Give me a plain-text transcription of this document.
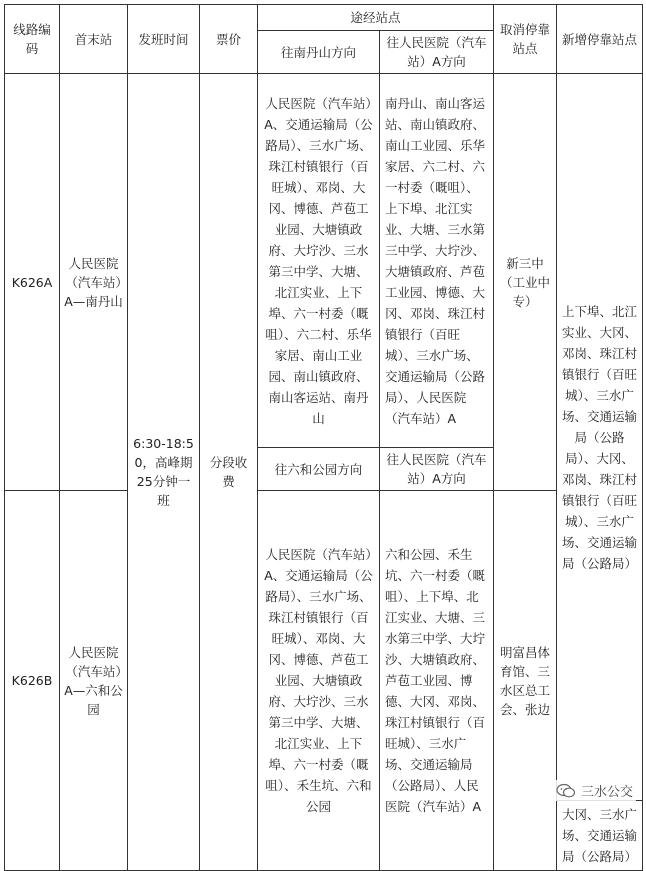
线路编码	首末站	发班时间	票价	途经站点		取消停靠站点	新增停靠站点
				往南丹山方向	往人民医院（汽车站）A方向		
K626A	人民医院（汽车站）A—南丹山	6:30-18:50，高峰期25分钟一班	分段收费	人民医院（汽车站）A、交通运输局（公路局）、三水广场、珠江村镇银行（百旺城）、邓岗、大冈、博德、芦苞工业园、大塘镇政府、大坾沙、三水第三中学、大塘、北江实业、上下埠、六一村委（嘅咀）、六二村、乐华家居、南山工业园、南山镇政府、南山客运站、南丹山	南丹山、南山客运站、南山镇政府、南山工业园、乐华家居、六二村、六一村委（嘅咀）、上下埠、北江实业、大塘、三水第三中学、大坾沙、大塘镇政府、芦苞工业园、博德、大冈、邓岗、珠江村镇银行（百旺城）、三水广场、交通运输局（公路局）、人民医院（汽车站）A	新三中（工业中专）	上下埠、北江实业、大冈、邓岗、珠江村镇银行（百旺城）、三水广场、交通运输局（公路局）、大冈、邓岗、珠江村镇银行（百旺城）、三水广场、交通运输局（公路局）
				往六和公园方向	往人民医院（汽车站）A方向		
K626B	人民医院（汽车站）A—六和公园			人民医院（汽车站）A、交通运输局（公路局）、三水广场、珠江村镇银行（百旺城）、邓岗、大冈、博德、芦苞工业园、大塘镇政府、大坾沙、三水第三中学、大塘、北江实业、上下埠、六一村委（嘅咀）、禾生坑、六和公园	六和公园、禾生坑、六一村委（嘅咀）、上下埠、北江实业、大塘、三水第三中学、大坾沙、大塘镇政府、芦苞工业园、博德、大冈、邓岗、珠江村镇银行（百旺城）、三水广场、交通运输局（公路局）、人民医院（汽车站）A	明富昌体育馆、三水区总工会、张边	
							大冈、三水广场、交通运输局（公路局）
三水公交
